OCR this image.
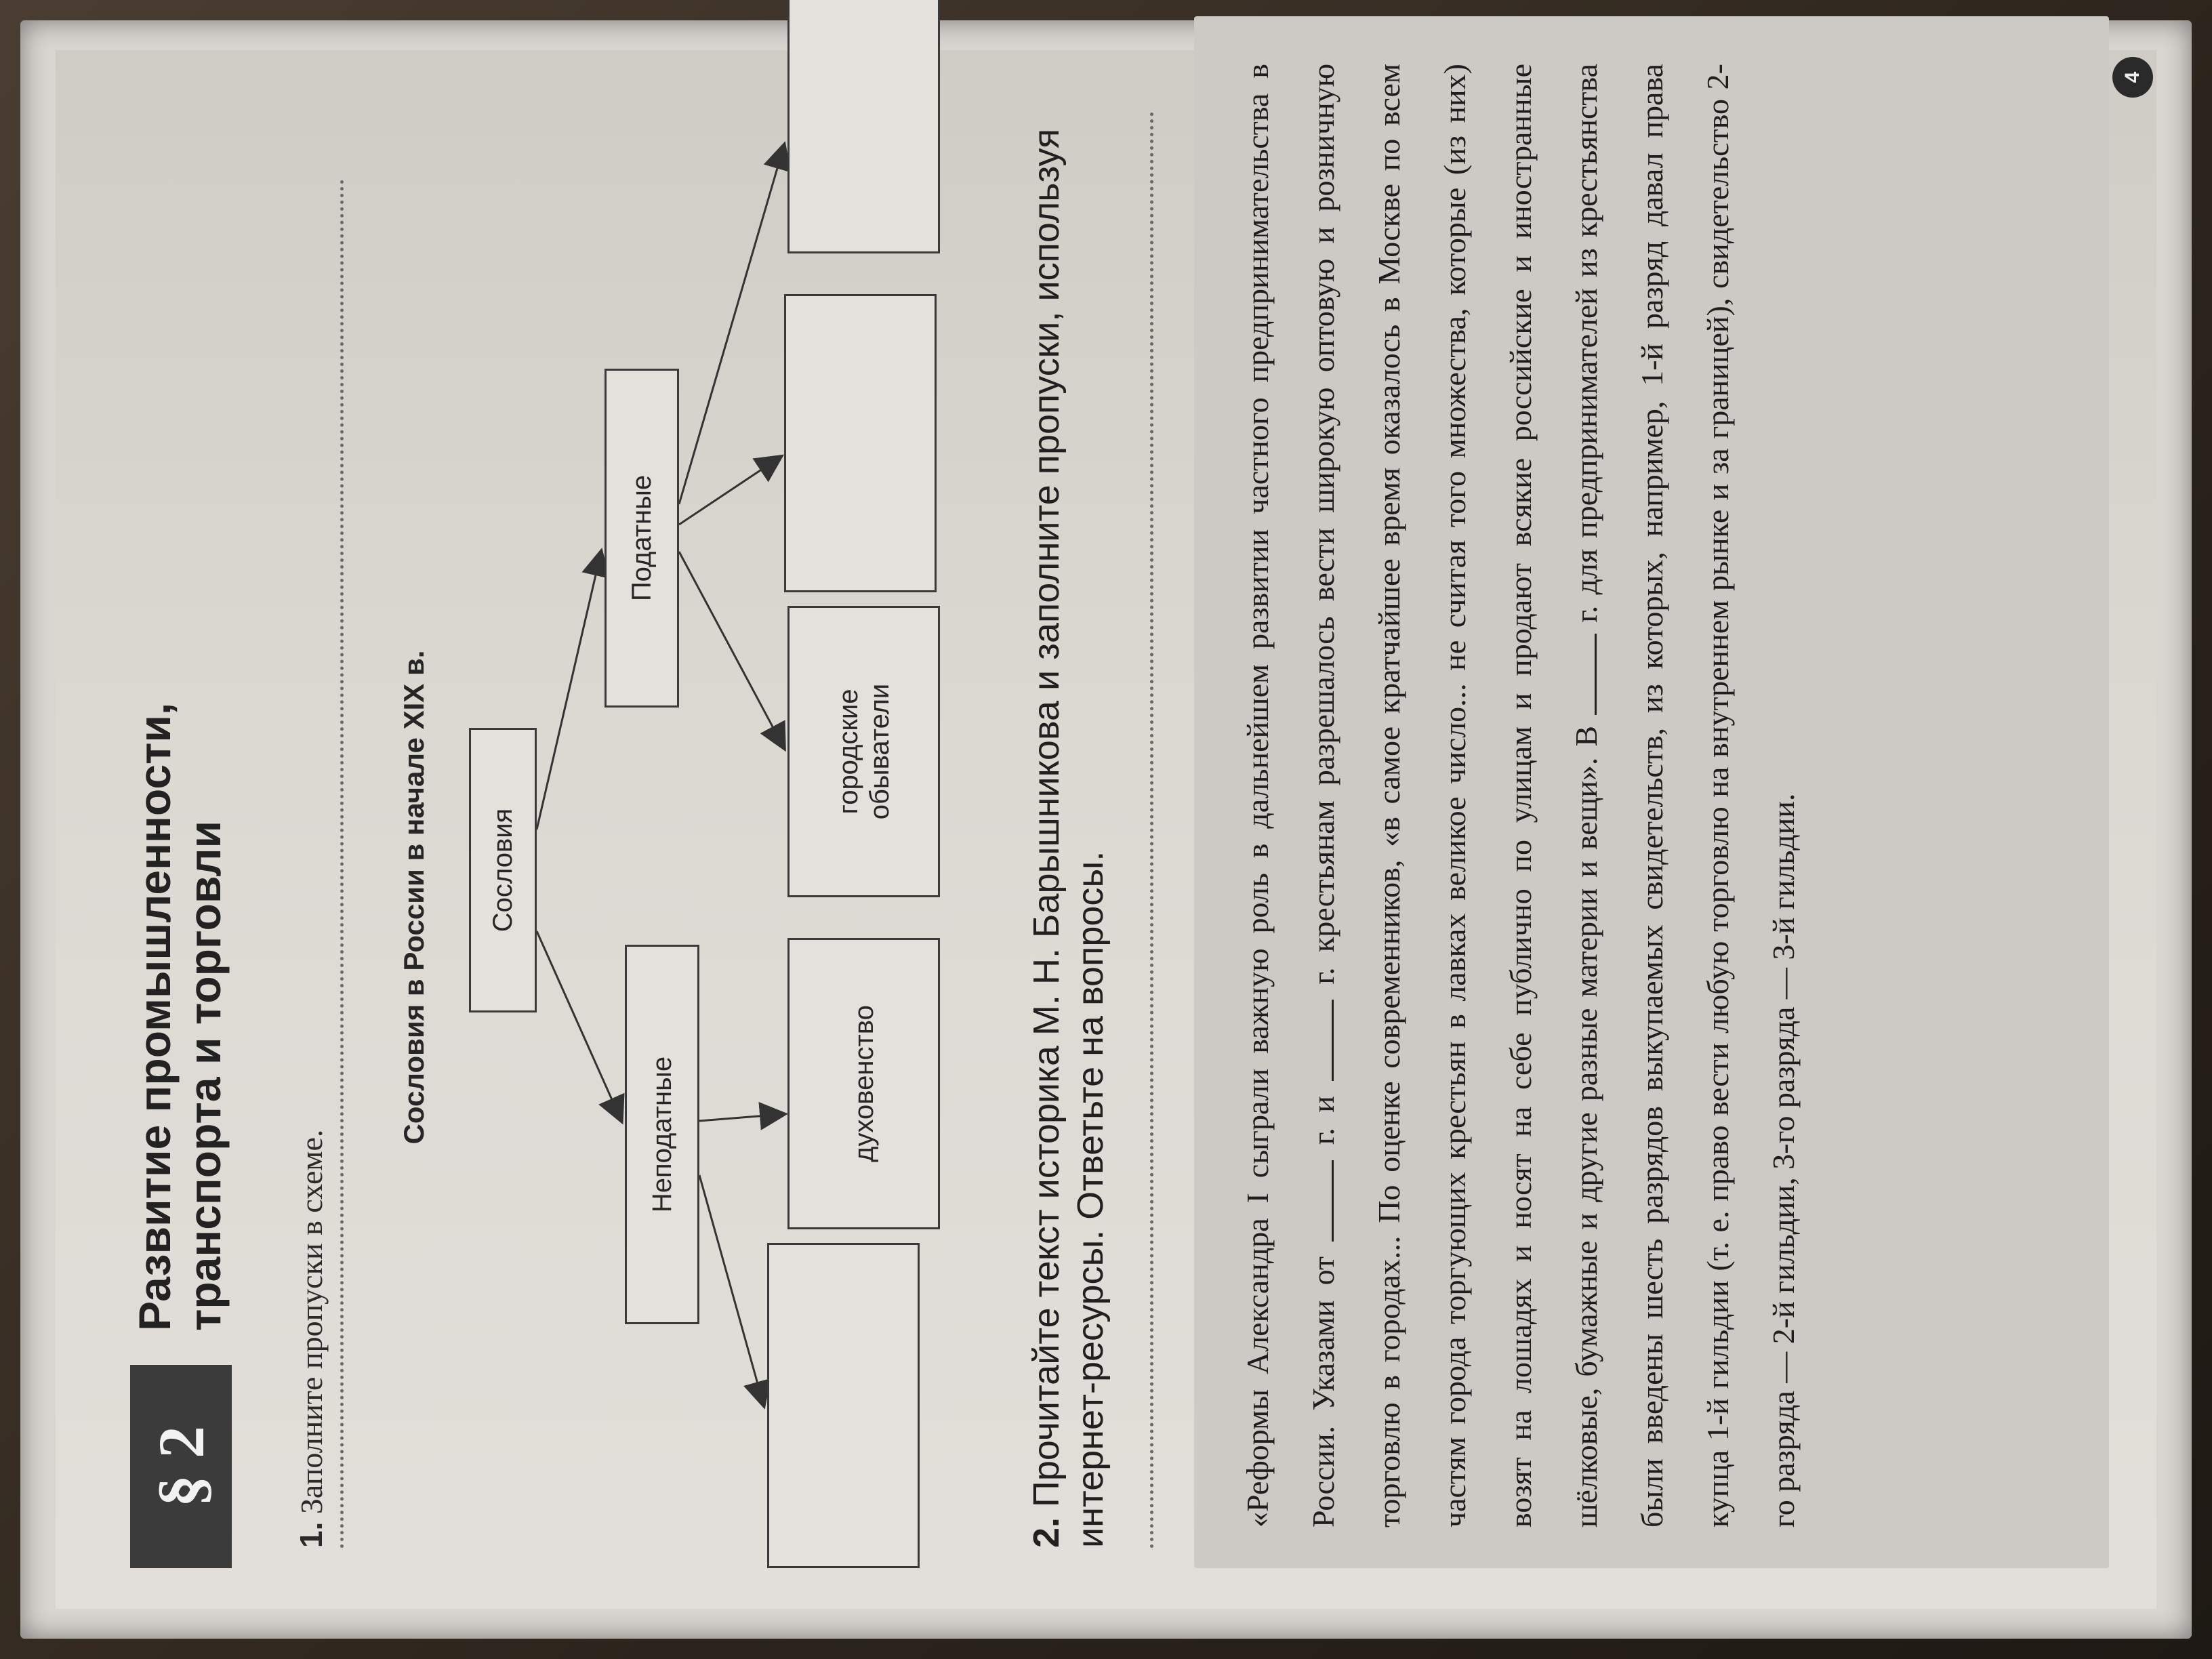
§ 2
Развитие промышленности, транспорта и торговли
1. Заполните пропуски в схеме.
Сословия в России в начале XIX в.	Сословия
Неподатные
Податные
духовенство
городские обыватели
2. Прочитайте текст историка М. Н. Барышникова и заполните пропуски, используя интернет-ресурсы. Ответьте на вопросы.	«Реформы Александра I сыграли важную роль в дальнейшем развитии частного предпринимательства в России. Указами от  г. и  г. крестьянам разрешалось вести широкую оптовую и розничную торговлю в городах... По оценке современников, «в самое кратчайшее время оказалось в Москве по всем частям города торгующих крестьян в лавках великое число... не считая того множества, которые (из них) возят на лошадях и носят на себе публично по улицам и продают всякие российские и иностранные шёлковые, бумажные и другие разные материи и вещи». В  г. для предпринимателей из крестьянства были введены шесть разрядов выкупаемых свидетельств, из которых, например, 1-й разряд давал права купца 1-й гильдии (т. е. право вести любую торговлю на внутреннем рынке и за границей), свидетельство 2-го разряда — 2-й гильдии, 3-го разряда — 3-й гильдии.
4
